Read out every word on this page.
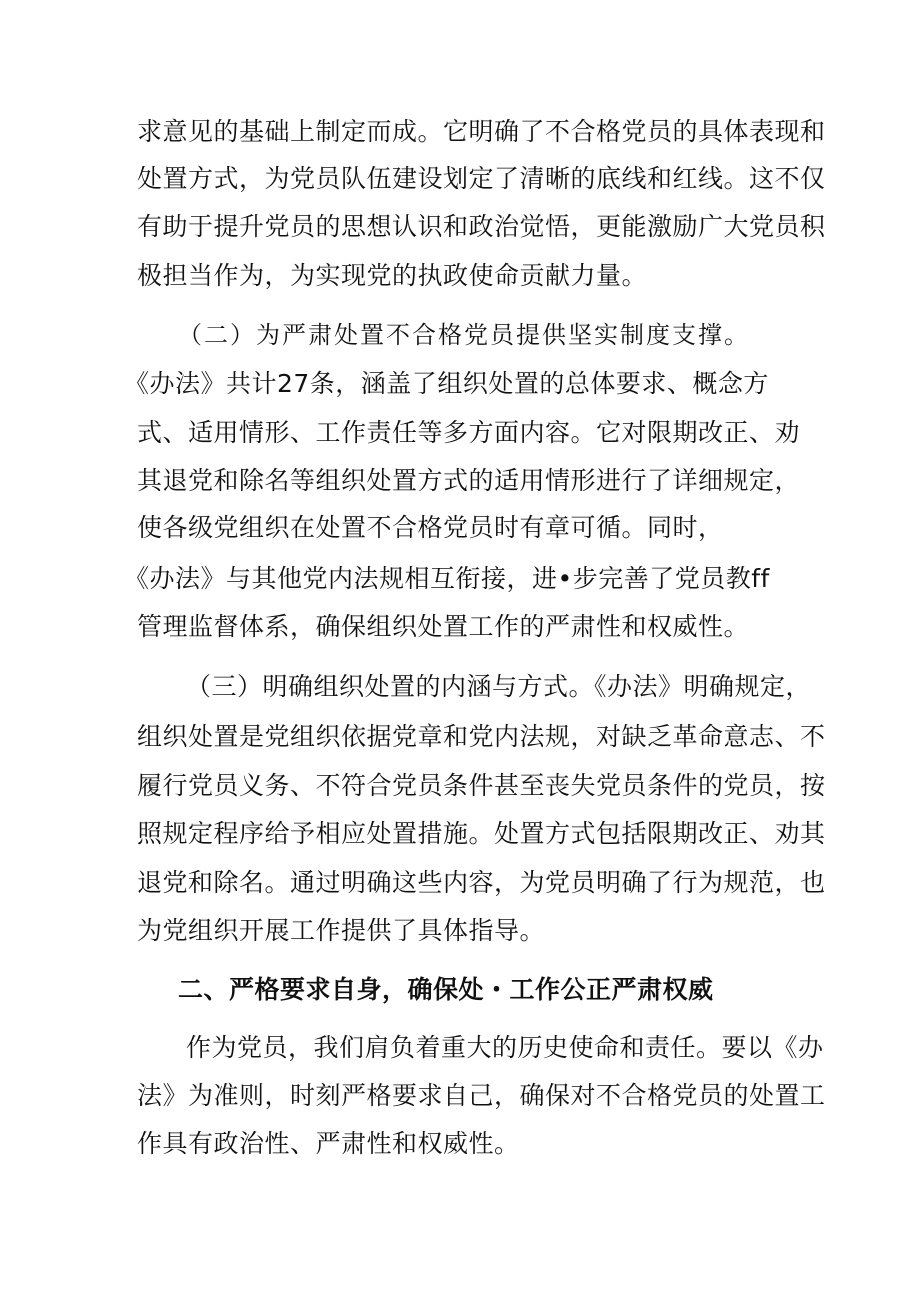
求意见的基础上制定而成。它明确了不合格党员的具体表现和
处置方式，为党员队伍建设划定了清晰的底线和红线。这不仅
有助于提升党员的思想认识和政治觉悟，更能激励广大党员积
极担当作为，为实现党的执政使命贡献力量。
（二）为严肃处置不合格党员提供坚实制度支撑。
《办法》共计27条，涵盖了组织处置的总体要求、概念方
式、适用情形、工作责任等多方面内容。它对限期改正、劝
其退党和除名等组织处置方式的适用情形进行了详细规定，
使各级党组织在处置不合格党员时有章可循。同时，
《办法》与其他党内法规相互衔接，进•步完善了党员教ff
管理监督体系，确保组织处置工作的严肃性和权威性。
（三）明确组织处置的内涵与方式。《办法》明确规定，
组织处置是党组织依据党章和党内法规，对缺乏革命意志、不
履行党员义务、不符合党员条件甚至丧失党员条件的党员，按
照规定程序给予相应处置措施。处置方式包括限期改正、劝其
退党和除名。通过明确这些内容，为党员明确了行为规范，也
为党组织开展工作提供了具体指导。
二、严格要求自身，确保处・工作公正严肃权威
作为党员，我们肩负着重大的历史使命和责任。要以《办
法》为准则，时刻严格要求自己，确保对不合格党员的处置工
作具有政治性、严肃性和权威性。
